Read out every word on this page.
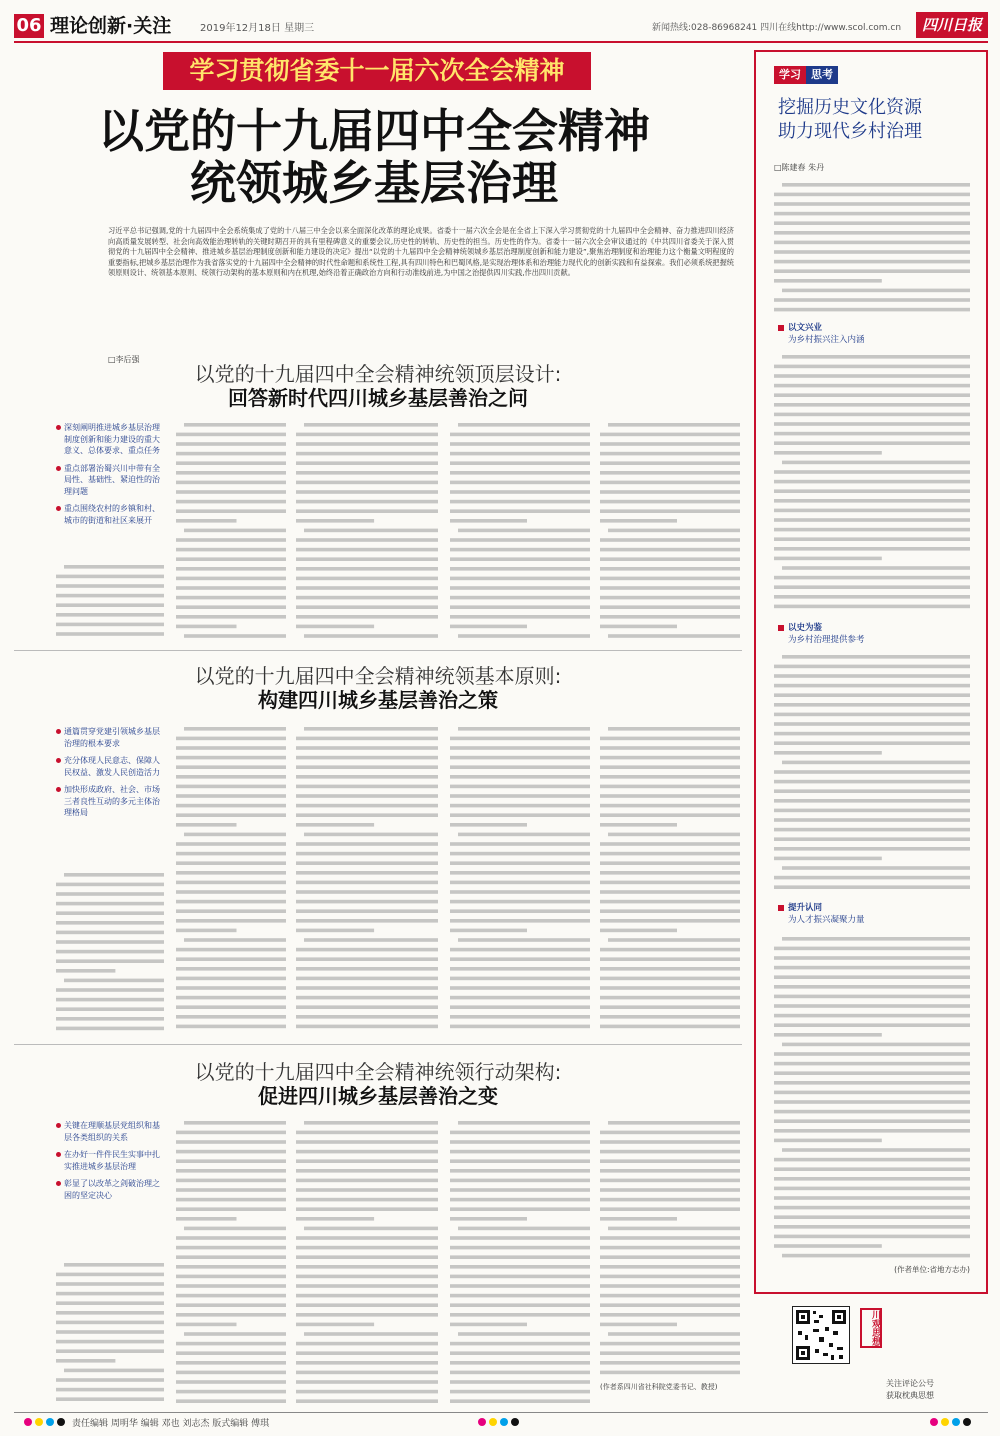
06 理论创新·关注	2019年12月18日 星期三	新闻热线:028-86968241 四川在线http://www.scol.com.cn	四川日报
学习贯彻省委十一届六次全会精神
以党的十九届四中全会精神
统领城乡基层治理
习近平总书记强调,党的十九届四中全会系统集成了党的十八届三中全会以来全面深化改革的理论成果。省委十一届六次全会是在全省上下深入学习贯彻党的十九届四中全会精神、奋力推进四川经济向高质量发展转型、社会向高效能治理转轨的关键时期召开的具有里程碑意义的重要会议,历史性的转轨、历史性的担当。历史性的作为。省委十一届六次全会审议通过的《中共四川省委关于深入贯彻党的十九届四中全会精神、推进城乡基层治理制度创新和能力建设的决定》提出“以党的十九届四中全会精神统领城乡基层治理制度创新和能力建设”,聚焦治理制度和治理能力这个衡量文明程度的重要指标,把城乡基层治理作为我省落实党的十九届四中全会精神的时代性命题和系统性工程,具有四川特色和巴蜀风格,是实现治理体系和治理能力现代化的创新实践和有益探索。我们必须系统把握统领原则设计、统领基本原则、统领行动架构的基本原则和内在机理,始终沿着正确政治方向和行动准线前进,为中国之治提供四川实践,作出四川贡献。
□李后强
以党的十九届四中全会精神统领顶层设计:
回答新时代四川城乡基层善治之问
深刻阐明推进城乡基层治理制度创新和能力建设的重大意义、总体要求、重点任务
重点部署治蜀兴川中带有全局性、基础性、紧迫性的治理问题
重点围绕农村的乡镇和村、城市的街道和社区来展开
以党的十九届四中全会精神统领基本原则:
构建四川城乡基层善治之策
通篇贯穿党建引领城乡基层治理的根本要求
充分体现人民意志、保障人民权益、激发人民创造活力
加快形成政府、社会、市场三者良性互动的多元主体治理格局
以党的十九届四中全会精神统领行动架构:
促进四川城乡基层善治之变
关键在理顺基层党组织和基层各类组织的关系
在办好一件件民生实事中扎实推进城乡基层治理
彰显了以改革之剑破治理之困的坚定决心
(作者系四川省社科院党委书记、教授)
学习 思考
挖掘历史文化资源
助力现代乡村治理
□陈建春 朱丹
以文兴业
为乡村振兴注入内涵
以史为鉴
为乡村治理提供参考
提升认同
为人才振兴凝聚力量
(作者单位:省地方志办)
川观思想
关注评论公号
获取枕典思想
责任编辑 周明华 编辑 邓也 刘志杰 版式编辑 傅琪
